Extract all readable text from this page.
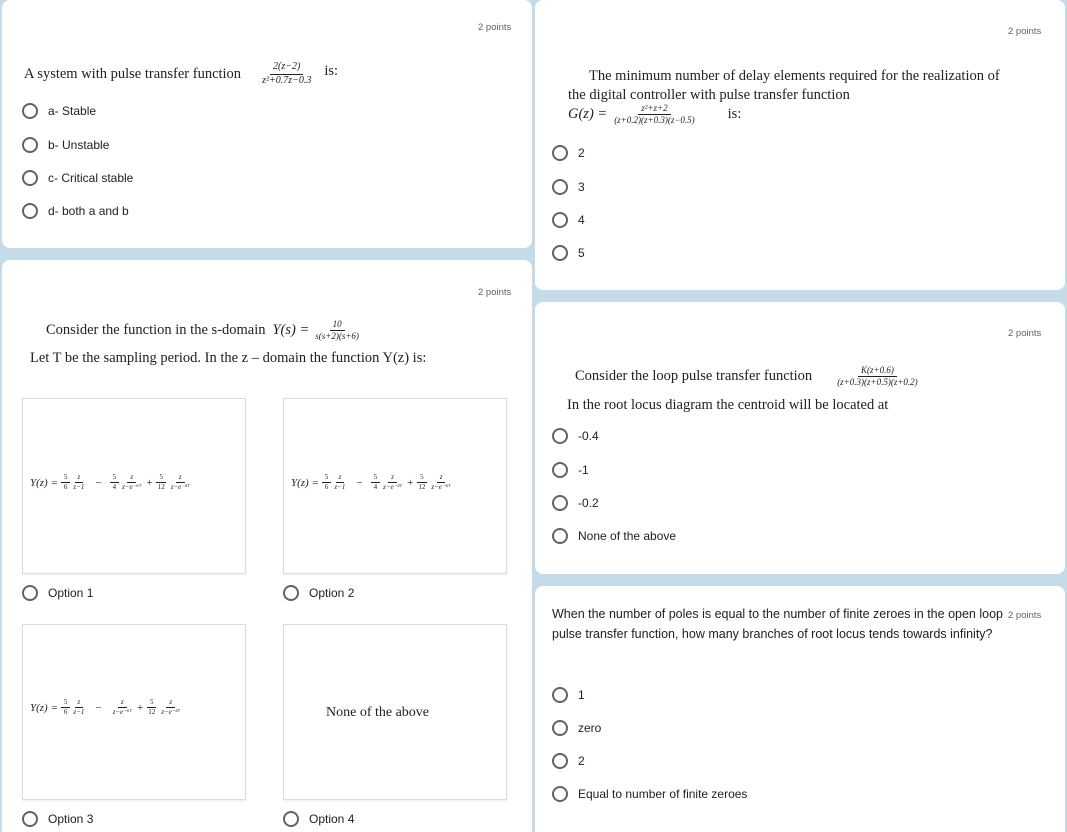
2 points
A system with pulse transfer function $\frac{2(z-2)}{\text{z²+0.7z−0.3}}$ is:
a- Stable
b- Unstable
c- Critical stable
d- both a and b
2 points
The minimum number of delay elements required for the realization of
the digital controller with pulse transfer function
$G(z) = \frac{\text{z²+z+2}}{(z+0.2)(z+0.3)(z-0.5)}$ is:
2
3
4
5
2 points
Consider the function in the s-domain $Y(s) = \frac{10}{s(s+2)(s+6)}$
Let T be the sampling period. In the z – domain the function Y(z) is:
$Y(z) = \frac{5}{6} \frac{z}{z-1} - \frac{5}{4} \frac{z}{\text{z−e⁻⁶ᵀ}} + \frac{5}{12} \frac{z}{\text{z−e⁻²ᵀ}}$	$Y(z) = \frac{5}{6} \frac{z}{z-1} - \frac{5}{4} \frac{z}{\text{z−e⁻²ᵀ}} + \frac{5}{12} \frac{z}{\text{z−e⁻⁶ᵀ}}$
Option 1	Option 2
$Y(z) = \frac{5}{6} \frac{z}{z-1} - \frac{z}{\text{z−e⁻⁶ᵀ}} + \frac{5}{12} \frac{z}{\text{z−e⁻²ᵀ}}$	None of the above
Option 3	Option 4
2 points
Consider the loop pulse transfer function $\frac{K(z+0.6)}{(z+0.3)(z+0.5)(z+0.2)}$
In the root locus diagram the centroid will be located at
-0.4
-1
-0.2
None of the above
2 points
When the number of poles is equal to the number of finite zeroes in the open loop pulse transfer function, how many branches of root locus tends towards infinity?
1
zero
2
Equal to number of finite zeroes
